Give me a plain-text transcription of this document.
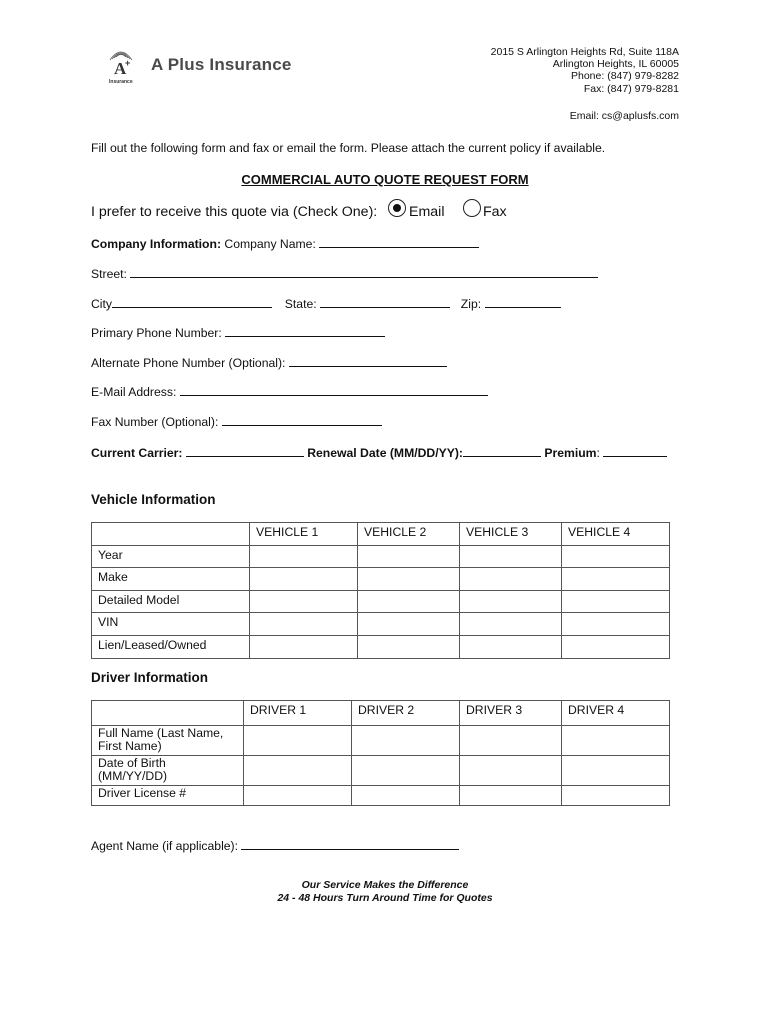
A
+
Insurance
A Plus Insurance
2015 S Arlington Heights Rd, Suite 118A
Arlington Heights, IL 60005
Phone: (847) 979-8282
Fax: (847) 979-8281
Email: cs@aplusfs.com
Fill out the following form and fax or email the form. Please attach the current policy if available.
COMMERCIAL AUTO QUOTE REQUEST FORM
I prefer to receive this quote via (Check One): Email	Fax
Company Information: Company Name:
Street:
City	State:	Zip:
Primary Phone Number:
Alternate Phone Number (Optional):
E-Mail Address:
Fax Number (Optional):
Current Carrier:	Renewal Date (MM/DD/YY):	Premium:
Vehicle Information
	VEHICLE 1	VEHICLE 2	VEHICLE 3	VEHICLE 4
Year				
Make				
Detailed Model				
VIN				
Lien/Leased/Owned				
Driver Information
	DRIVER 1	DRIVER 2	DRIVER 3	DRIVER 4

Full Name (Last Name,
First Name)				

Date of Birth
(MM/YY/DD)				

Driver License #				
Agent Name (if applicable):
Our Service Makes the Difference
24 - 48 Hours Turn Around Time for Quotes
